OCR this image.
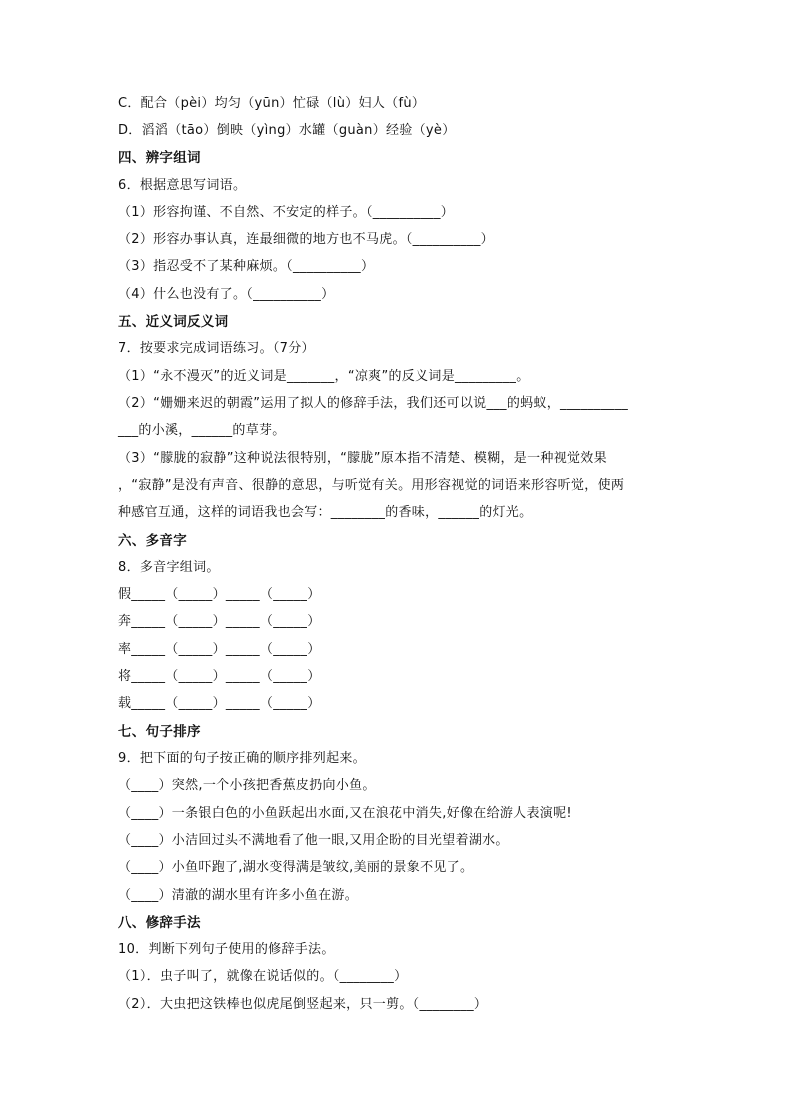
C．配合（pèi）均匀（yūn）忙碌（lù）妇人（fù）
D．滔滔（tāo）倒映（yìng）水罐（guàn）经验（yè）
四、辨字组词
6．根据意思写词语。
（1）形容拘谨、不自然、不安定的样子。（__________）
（2）形容办事认真，连最细微的地方也不马虎。（__________）
（3）指忍受不了某种麻烦。（__________）
（4）什么也没有了。（__________）
五、近义词反义词
7．按要求完成词语练习。（7分）
（1）“永不漫灭”的近义词是_______，“凉爽”的反义词是_________。
（2）“姗姗来迟的朝霞”运用了拟人的修辞手法，我们还可以说___的蚂蚁，__________
___的小溪，______的草芽。
（3）“朦胧的寂静”这种说法很特别，“朦胧”原本指不清楚、模糊，是一种视觉效果
，“寂静”是没有声音、很静的意思，与听觉有关。用形容视觉的词语来形容听觉，使两
种感官互通，这样的词语我也会写：________的香味，______的灯光。
六、多音字
8．多音字组词。
假_____（_____）_____（_____）
奔_____（_____）_____（_____）
率_____（_____）_____（_____）
将_____（_____）_____（_____）
载_____（_____）_____（_____）
七、句子排序
9．把下面的句子按正确的顺序排列起来。
（____）突然,一个小孩把香蕉皮扔向小鱼。
（____）一条银白色的小鱼跃起出水面,又在浪花中消失,好像在给游人表演呢!
（____）小洁回过头不满地看了他一眼,又用企盼的目光望着湖水。
（____）小鱼吓跑了,湖水变得满是皱纹,美丽的景象不见了。
（____）清澈的湖水里有许多小鱼在游。
八、修辞手法
10．判断下列句子使用的修辞手法。
（1）．虫子叫了，就像在说话似的。（________）
（2）．大虫把这铁棒也似虎尾倒竖起来，只一剪。（________）
